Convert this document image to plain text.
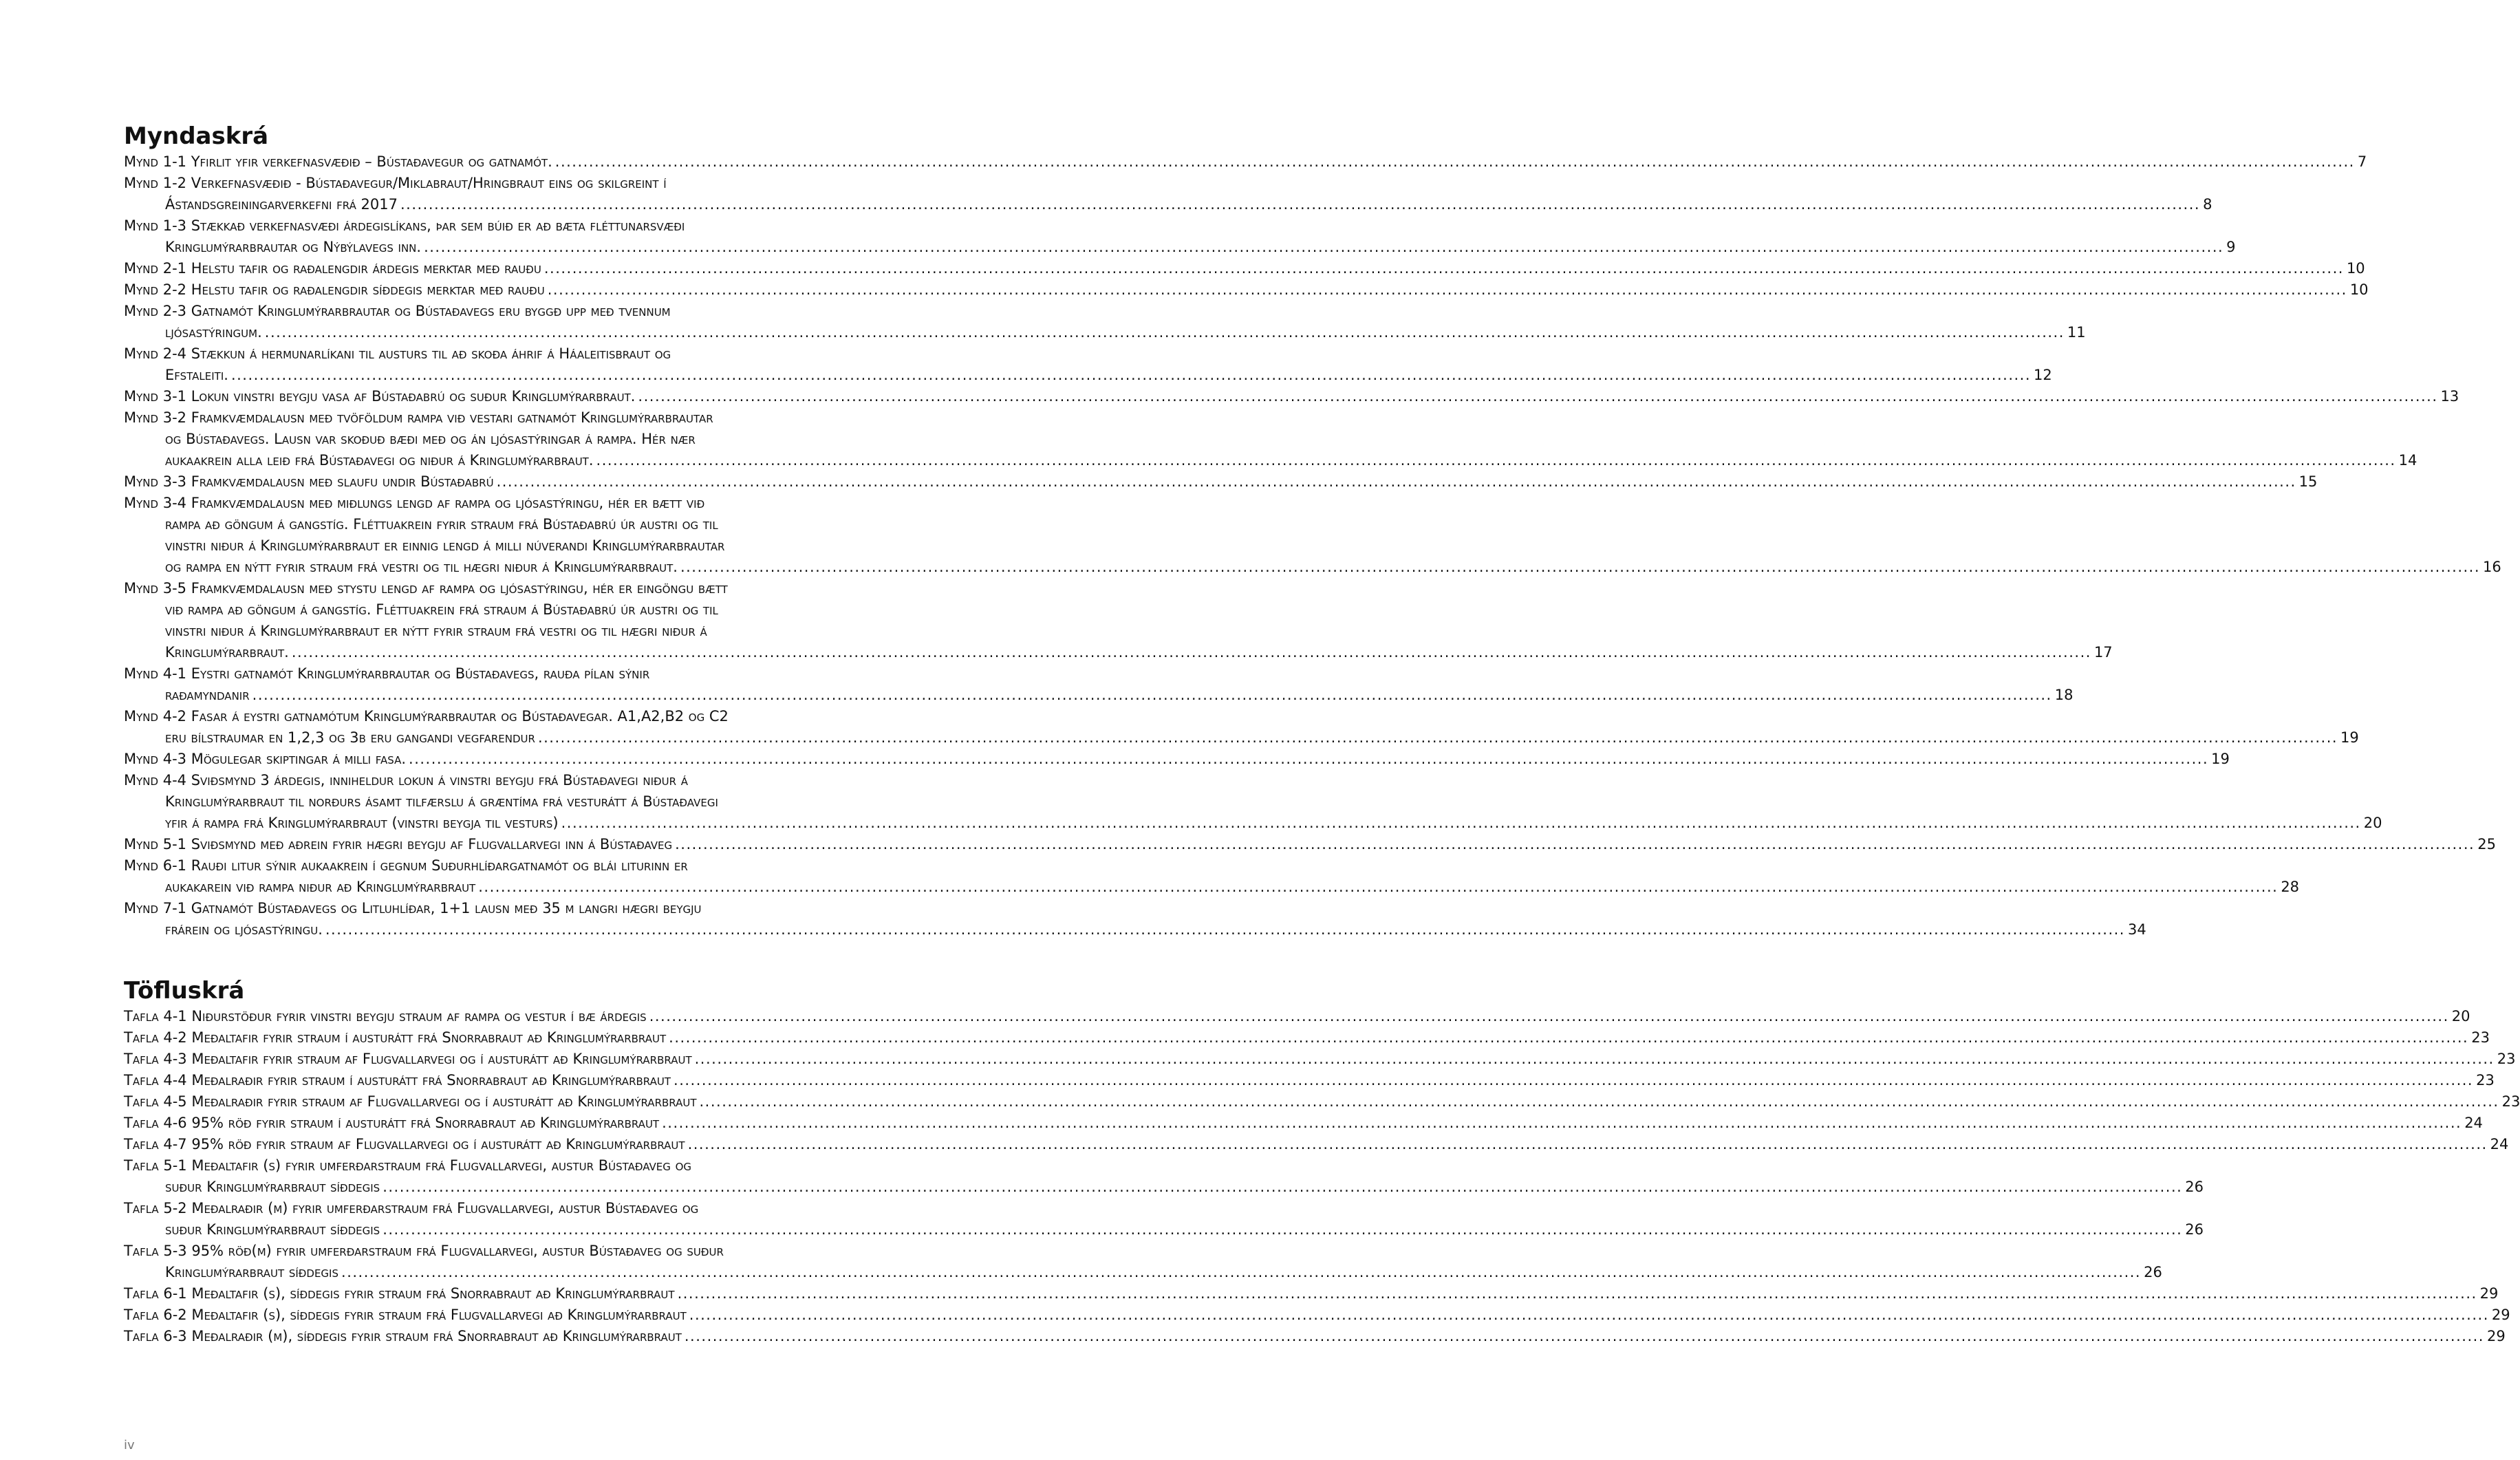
Myndaskrá
Mynd 1-1 Yfirlit yfir verkefnasvæðið – Bústaðavegur og gatnamót. .....	7
Mynd 1-2 Verkefnasvæðið - Bústaðavegur/Miklabraut/Hringbraut eins og skilgreint í
Ástandsgreiningarverkefni frá 2017 .....	8
Mynd 1-3 Stækkað verkefnasvæði árdegislíkans, þar sem búið er að bæta fléttunarsvæði
Kringlumýrarbrautar og Nýbýlavegs inn. .....	9
Mynd 2-1 Helstu tafir og raðalengdir árdegis merktar með rauðu .....	10
Mynd 2-2 Helstu tafir og raðalengdir síðdegis merktar með rauðu .....	10
Mynd 2-3 Gatnamót Kringlumýrarbrautar og Bústaðavegs eru byggð upp með tvennum
ljósastýringum. .....	11
Mynd 2-4 Stækkun á hermunarlíkani til austurs til að skoða áhrif á Háaleitisbraut og
Efstaleiti. .....	12
Mynd 3-1 Lokun vinstri beygju vasa af Bústaðabrú og suður Kringlumýrarbraut. .....	13
Mynd 3-2 Framkvæmdalausn með tvöföldum rampa við vestari gatnamót Kringlumýrarbrautar
og Bústaðavegs. Lausn var skoðuð bæði með og án ljósastýringar á rampa. Hér nær
aukaakrein alla leið frá Bústaðavegi og niður á Kringlumýrarbraut. .....	14
Mynd 3-3 Framkvæmdalausn með slaufu undir Bústaðabrú .....	15
Mynd 3-4 Framkvæmdalausn með miðlungs lengd af rampa og ljósastýringu, hér er bætt við
rampa að göngum á gangstíg. Fléttuakrein fyrir straum frá Bústaðabrú úr austri og til
vinstri niður á Kringlumýrarbraut er einnig lengd á milli núverandi Kringlumýrarbrautar
og rampa en nýtt fyrir straum frá vestri og til hægri niður á Kringlumýrarbraut. .....	16
Mynd 3-5 Framkvæmdalausn með stystu lengd af rampa og ljósastýringu, hér er eingöngu bætt
við rampa að göngum á gangstíg. Fléttuakrein frá straum á Bústaðabrú úr austri og til
vinstri niður á Kringlumýrarbraut er nýtt fyrir straum frá vestri og til hægri niður á
Kringlumýrarbraut. .....	17
Mynd 4-1 Eystri gatnamót Kringlumýrarbrautar og Bústaðavegs, rauða pílan sýnir
raðamyndanir .....	18
Mynd 4-2 Fasar á eystri gatnamótum Kringlumýrarbrautar og Bústaðavegar. A1,A2,B2 og C2
eru bílstraumar en 1,2,3 og 3b eru gangandi vegfarendur .....	19
Mynd 4-3 Mögulegar skiptingar á milli fasa. .....	19
Mynd 4-4 Sviðsmynd 3 árdegis, inniheldur lokun á vinstri beygju frá Bústaðavegi niður á
Kringlumýrarbraut til norðurs ásamt tilfærslu á græntíma frá vesturátt á Bústaðavegi
yfir á rampa frá Kringlumýrarbraut (vinstri beygja til vesturs) .....	20
Mynd 5-1 Sviðsmynd með aðrein fyrir hægri beygju af Flugvallarvegi inn á Bústaðaveg .....	25
Mynd 6-1 Rauði litur sýnir aukaakrein í gegnum Suðurhlíðargatnamót og blái liturinn er
aukakarein við rampa niður að Kringlumýrarbraut .....	28
Mynd 7-1 Gatnamót Bústaðavegs og Litluhlíðar, 1+1 lausn með 35 m langri hægri beygju
frárein og ljósastýringu. .....	34
Töfluskrá
Tafla 4-1 Niðurstöður fyrir vinstri beygju straum af rampa og vestur í bæ árdegis .....	20
Tafla 4-2 Meðaltafir fyrir straum í austurátt frá Snorrabraut að Kringlumýrarbraut .....	23
Tafla 4-3 Meðaltafir fyrir straum af Flugvallarvegi og í austurátt að Kringlumýrarbraut .....	23
Tafla 4-4 Meðalraðir fyrir straum í austurátt frá Snorrabraut að Kringlumýrarbraut .....	23
Tafla 4-5 Meðalraðir fyrir straum af Flugvallarvegi og í austurátt að Kringlumýrarbraut .....	23
Tafla 4-6 95% röð fyrir straum í austurátt frá Snorrabraut að Kringlumýrarbraut .....	24
Tafla 4-7 95% röð fyrir straum af Flugvallarvegi og í austurátt að Kringlumýrarbraut .....	24
Tafla 5-1 Meðaltafir (s) fyrir umferðarstraum frá Flugvallarvegi, austur Bústaðaveg og
suður Kringlumýrarbraut síðdegis .....	26
Tafla 5-2 Meðalraðir (m) fyrir umferðarstraum frá Flugvallarvegi, austur Bústaðaveg og
suður Kringlumýrarbraut síðdegis .....	26
Tafla 5-3 95% röð(m) fyrir umferðarstraum frá Flugvallarvegi, austur Bústaðaveg og suður
Kringlumýrarbraut síðdegis .....	26
Tafla 6-1 Meðaltafir (s), síðdegis fyrir straum frá Snorrabraut að Kringlumýrarbraut .....	29
Tafla 6-2 Meðaltafir (s), síðdegis fyrir straum frá Flugvallarvegi að Kringlumýrarbraut .....	29
Tafla 6-3 Meðalraðir (m), síðdegis fyrir straum frá Snorrabraut að Kringlumýrarbraut .....	29
iv
